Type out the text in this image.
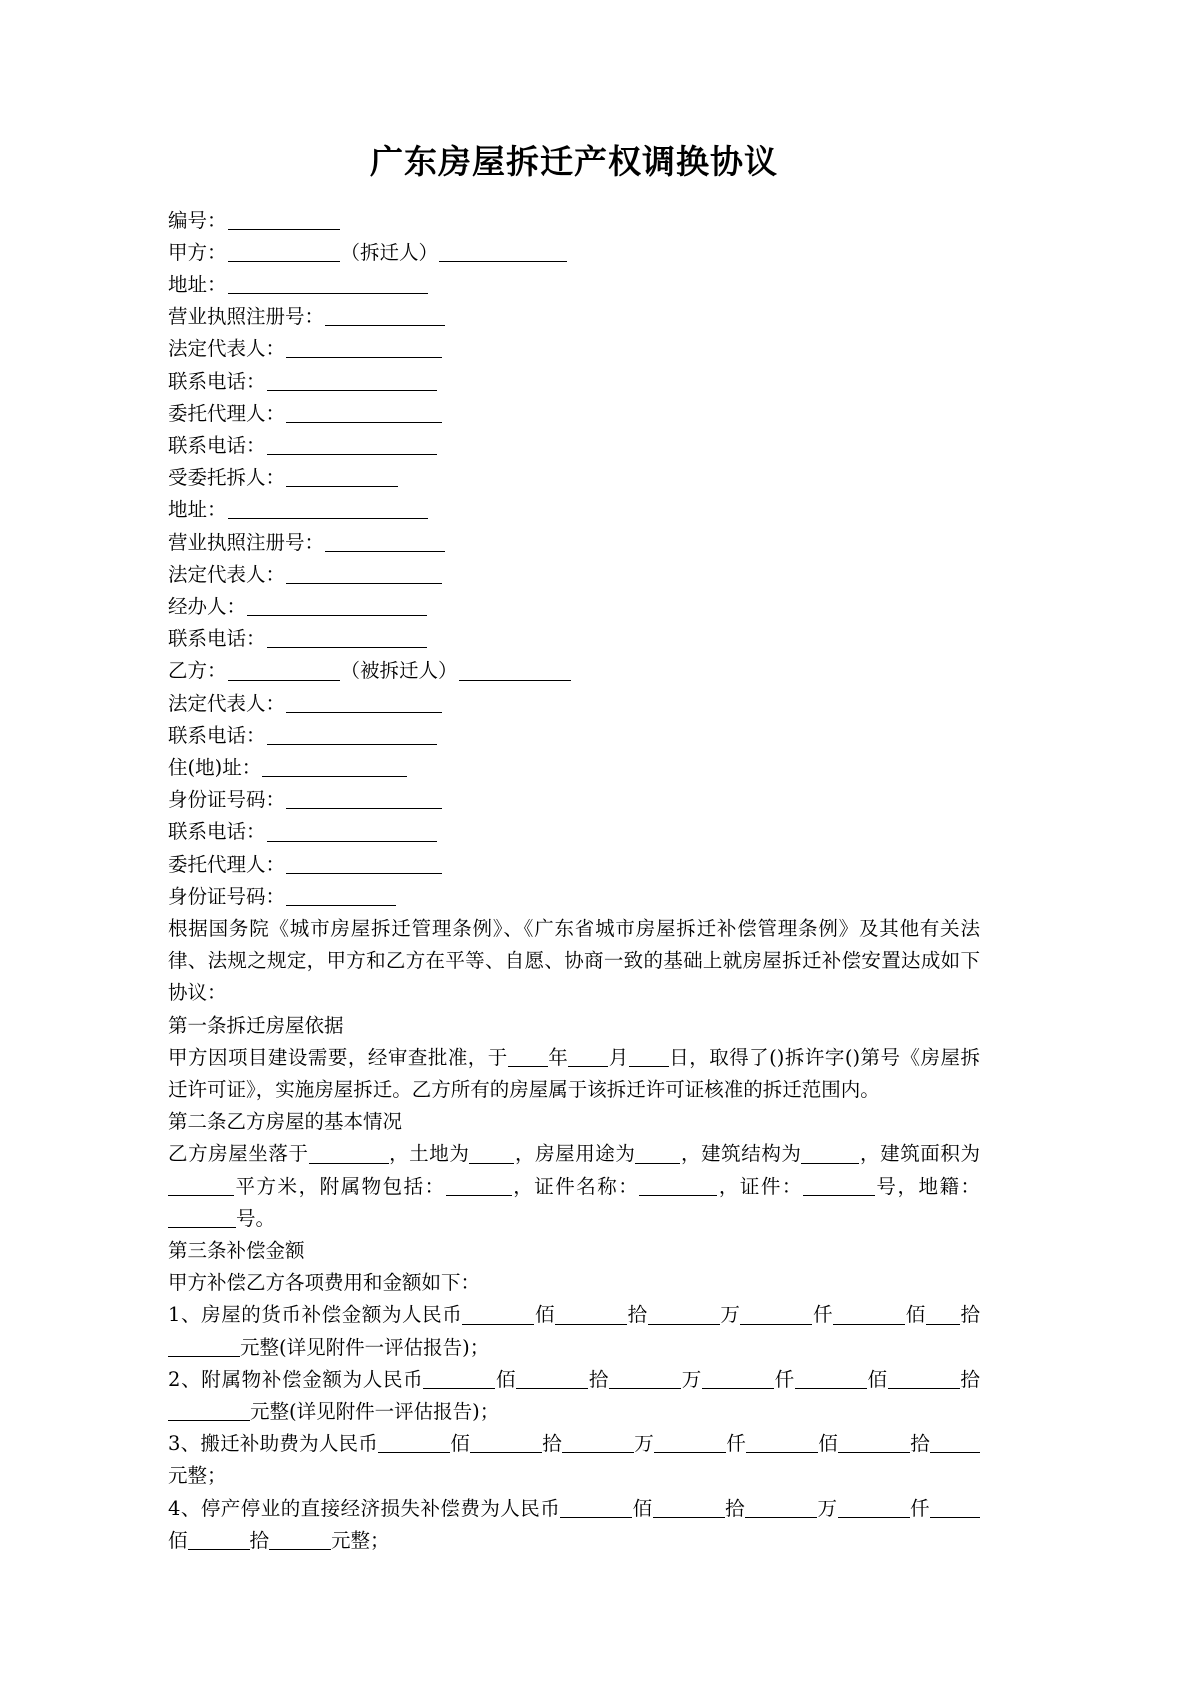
广东房屋拆迁产权调换协议
编号：
甲方：	（拆迁人）
地址：
营业执照注册号：
法定代表人：
联系电话：
委托代理人：
联系电话：
受委托拆人：
地址：
营业执照注册号：
法定代表人：
经办人：
联系电话：
乙方：	（被拆迁人）
法定代表人：
联系电话：
住(地)址：
身份证号码：
联系电话：
委托代理人：
身份证号码：

根据国务院《城市房屋拆迁管理条例》、《广东省城市房屋拆迁补偿管理条例》及其他有关法律、法规之规定，甲方和乙方在平等、自愿、协商一致的基础上就房屋拆迁补偿安置达成如下协议：

第一条拆迁房屋依据

甲方因项目建设需要，经审查批准，于 年 月 日，取得了()拆许字()第号《房屋拆迁许可证》，实施房屋拆迁。乙方所有的房屋属于该拆迁许可证核准的拆迁范围内。

第二条乙方房屋的基本情况

乙方房屋坐落于	，土地为 ，房屋用途为 ，建筑结构为	，建筑面积为平方米，附属物包括：	，证件名称：	，证件：	号，地籍：号。

第三条补偿金额

甲方补偿乙方各项费用和金额如下：

1、房屋的货币补偿金额为人民币	佰	拾	万	仟	佰 拾元整(详见附件一评估报告)；

2、附属物补偿金额为人民币	佰	拾	万	仟	佰	拾元整(详见附件一评估报告)；

3、搬迁补助费为人民币	佰	拾	万	仟	佰	拾元整；

4、停产停业的直接经济损失补偿费为人民币	佰	拾	万	仟佰	拾	元整；
